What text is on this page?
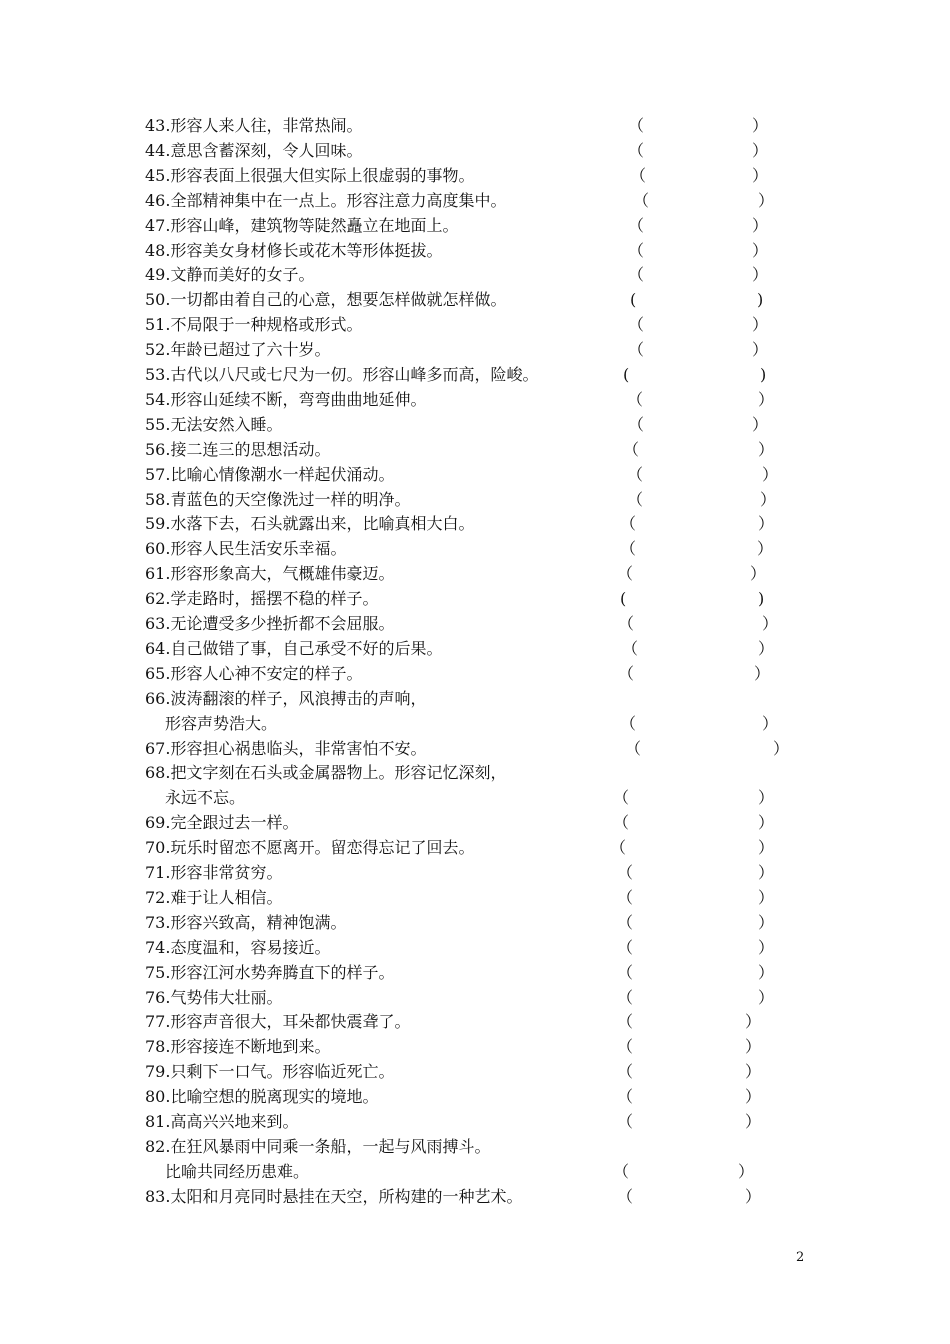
43.形容人来人往，非常热闹。	（	）
44.意思含蓄深刻，令人回味。	（	）
45.形容表面上很强大但实际上很虚弱的事物。	（	）
46.全部精神集中在一点上。形容注意力高度集中。	（	）
47.形容山峰，建筑物等陡然矗立在地面上。	（	）
48.形容美女身材修长或花木等形体挺拔。	（	）
49.文静而美好的女子。	（	）
50.一切都由着自己的心意，想要怎样做就怎样做。	(	)
51.不局限于一种规格或形式。	（	）
52.年龄已超过了六十岁。	（	）
53.古代以八尺或七尺为一仞。形容山峰多而高，险峻。	(	)
54.形容山延续不断，弯弯曲曲地延伸。	（	）
55.无法安然入睡。	（	）
56.接二连三的思想活动。	（	）
57.比喻心情像潮水一样起伏涌动。	（	）
58.青蓝色的天空像洗过一样的明净。	（	）
59.水落下去，石头就露出来，比喻真相大白。	（	）
60.形容人民生活安乐幸福。	（	）
61.形容形象高大，气概雄伟豪迈。	（	）
62.学走路时，摇摆不稳的样子。	(	)
63.无论遭受多少挫折都不会屈服。	（	）
64.自己做错了事，自己承受不好的后果。	（	）
65.形容人心神不安定的样子。	（	）
66.波涛翻滚的样子，风浪搏击的声响，
形容声势浩大。	（	）
67.形容担心祸患临头，非常害怕不安。	（	）
68.把文字刻在石头或金属器物上。形容记忆深刻，
永远不忘。	（	）
69.完全跟过去一样。	（	）
70.玩乐时留恋不愿离开。留恋得忘记了回去。	（	）
71.形容非常贫穷。	（	）
72.难于让人相信。	（	）
73.形容兴致高，精神饱满。	（	）
74.态度温和，容易接近。	（	）
75.形容江河水势奔腾直下的样子。	（	）
76.气势伟大壮丽。	（	）
77.形容声音很大，耳朵都快震聋了。	（	）
78.形容接连不断地到来。	（	）
79.只剩下一口气。形容临近死亡。	（	）
80.比喻空想的脱离现实的境地。	（	）
81.高高兴兴地来到。	（	）
82.在狂风暴雨中同乘一条船，一起与风雨搏斗。
比喻共同经历患难。	（	）
83.太阳和月亮同时悬挂在天空，所构建的一种艺术。	（	）
2
